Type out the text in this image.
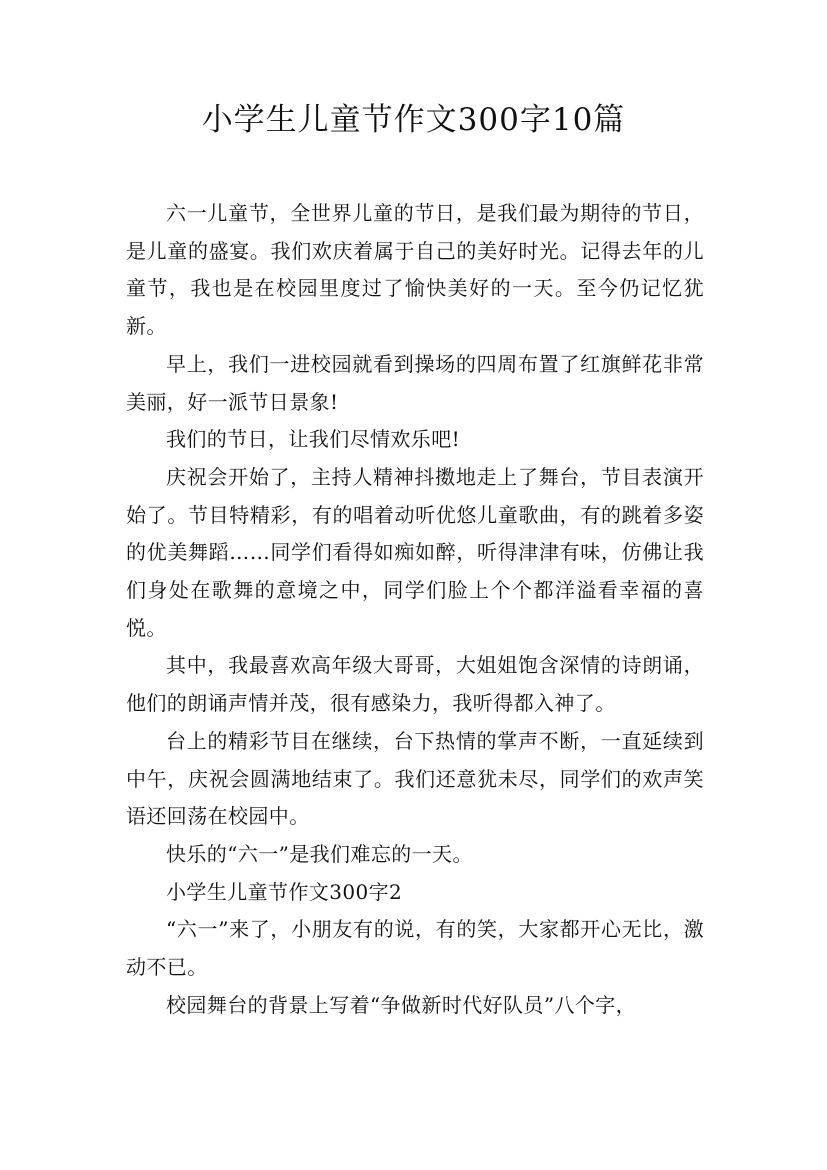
小学生儿童节作文300字10篇

六一儿童节，全世界儿童的节日，是我们最为期待的节日，是儿童的盛宴。我们欢庆着属于自己的美好时光。记得去年的儿童节，我也是在校园里度过了愉快美好的一天。至今仍记忆犹新。

早上，我们一进校园就看到操场的四周布置了红旗鲜花非常美丽，好一派节日景象!

我们的节日，让我们尽情欢乐吧!

庆祝会开始了，主持人精神抖擞地走上了舞台，节目表演开始了。节目特精彩，有的唱着动听优悠儿童歌曲，有的跳着多姿的优美舞蹈……同学们看得如痴如醉，听得津津有味，仿佛让我们身处在歌舞的意境之中，同学们脸上个个都洋溢看幸福的喜悦。

其中，我最喜欢高年级大哥哥，大姐姐饱含深情的诗朗诵，他们的朗诵声情并茂，很有感染力，我听得都入神了。

台上的精彩节目在继续，台下热情的掌声不断，一直延续到中午，庆祝会圆满地结束了。我们还意犹未尽，同学们的欢声笑语还回荡在校园中。

快乐的“六一”是我们难忘的一天。

小学生儿童节作文300字2

“六一”来了，小朋友有的说，有的笑，大家都开心无比，激动不已。

校园舞台的背景上写着“争做新时代好队员”八个字，
